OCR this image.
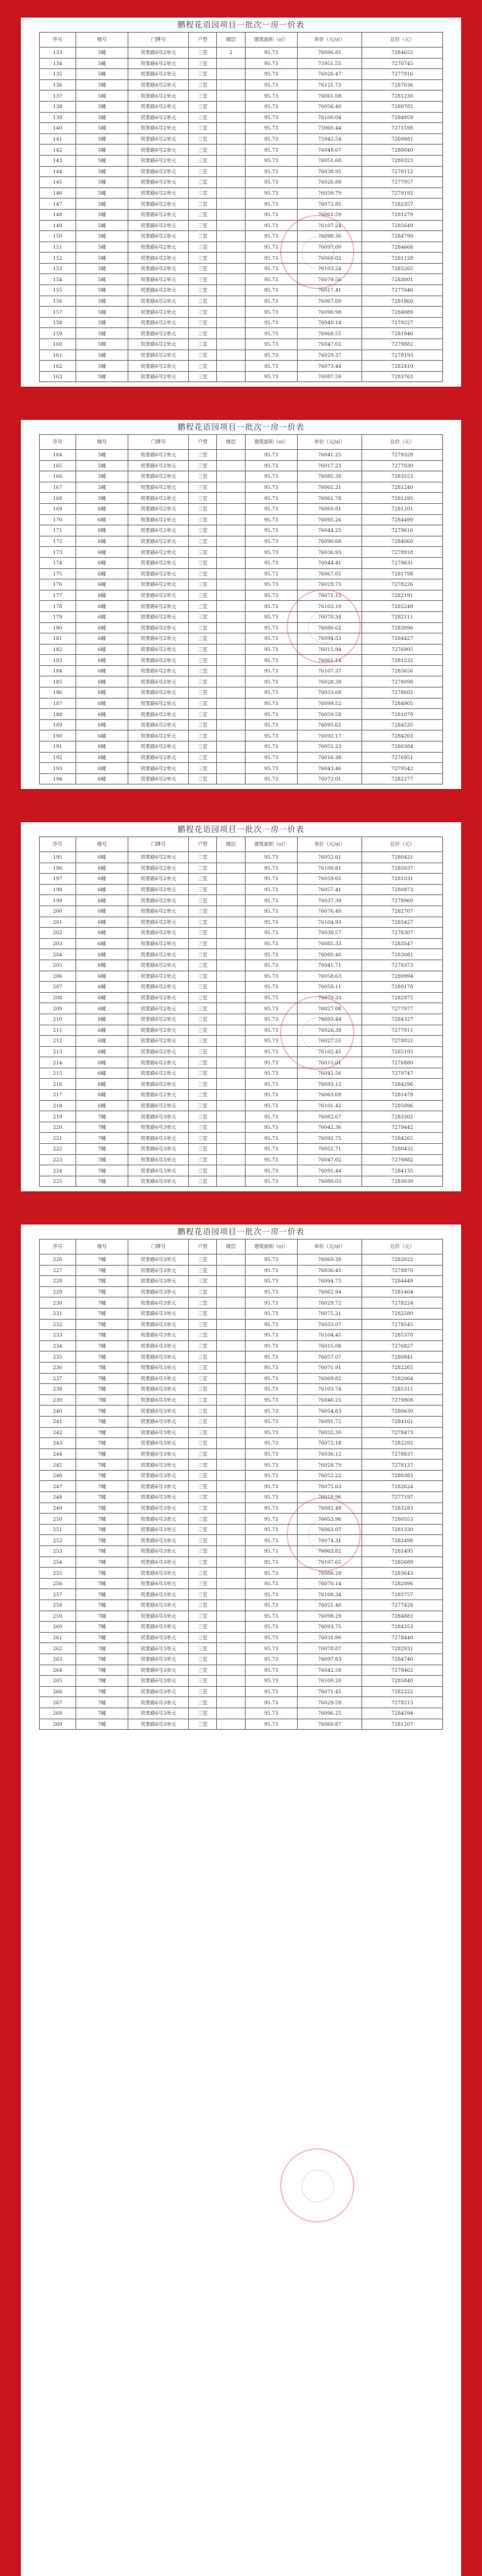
鹏程花语园项目一批次一房一价表
序号	楼号	门牌号	户型	楼层	建筑面积（㎡）	单价（元/㎡）	总价（元）
133	5幢	贸景路6号2单元	三室	2	95.73	76096.85	7284652
134	5幢	贸景路6号2单元	三室		95.73	75951.55	7270745
135	5幢	贸景路6号2单元	三室		95.73	76026.47	7277916
136	5幢	贸景路6号2单元	三室		95.73	76121.73	7287036
137	5幢	贸景路6号2单元	三室		95.73	76061.08	7281230
138	5幢	贸景路6号2单元	三室		95.73	76056.40	7280782
139	5幢	贸景路6号2单元	三室		95.73	76100.04	7284959
140	5幢	贸景路6号2单元	三室		95.73	75960.44	7271598
141	5幢	贸景路6号2单元	三室		95.73	75942.54	7269881
142	5幢	贸景路6号2单元	三室		95.73	76048.67	7280040
143	5幢	贸景路6号2单元	三室		95.73	76051.60	7280323
144	5幢	贸景路6号2单元	三室		95.73	76038.95	7279112
145	5幢	贸景路6号2单元	三室		95.73	76026.89	7277957
146	5幢	贸景路6号2单元	三室		95.73	76039.79	7279192
147	5幢	贸景路6号2单元	三室		95.73	76072.85	7282357
148	5幢	贸景路6号2单元	三室		95.73	76061.59	7281279
149	5幢	贸景路6号2单元	三室		95.73	76107.24	7285649
150	5幢	贸景路6号2单元	三室		95.73	76098.36	7284799
151	5幢	贸景路6号2单元	三室		95.73	76097.00	7284668
152	5幢	贸景路6号2单元	三室		95.73	76060.02	7281128
153	5幢	贸景路6号2单元	三室		95.73	76103.24	7285265
154	5幢	贸景路6号2单元	三室		95.73	76079.56	7283001
155	5幢	贸景路6号2单元	三室		95.73	76017.41	7277046
156	5幢	贸景路6号2单元	三室		95.73	76067.69	7281860
157	5幢	贸景路6号2单元	三室		95.73	76090.98	7284089
158	5幢	贸景路6号2单元	三室		95.73	76040.14	7279227
159	5幢	贸景路6号2单元	三室		95.73	76068.55	7281946
160	5幢	贸景路6号2单元	三室		95.73	76047.02	7279882
161	5幢	贸景路6号2单元	三室		95.73	76029.37	7278193
162	5幢	贸景路6号2单元	三室		95.73	76073.44	7282410
163	5幢	贸景路6号2单元	三室		95.73	76087.59	7283763
鹏程花语园项目一批次一房一价表
序号	楼号	门牌号	户型	楼层	建筑面积（㎡）	单价（元/㎡）	总价（元）
164	5幢	贸景路6号2单元	三室		95.73	76041.25	7279329
165	5幢	贸景路6号2单元	三室		95.73	76017.23	7277030
166	5幢	贸景路6号2单元	三室		95.73	76085.38	7283553
167	5幢	贸景路6号2单元	三室		95.73	76061.21	7281240
168	5幢	贸景路6号2单元	三室		95.73	76061.78	7281295
169	6幢	贸景路6号2单元	三室		95.73	76060.81	7281201
170	6幢	贸景路6号2单元	三室		95.73	76095.26	7284499
171	6幢	贸景路6号2单元	三室		95.73	76044.25	7279616
172	6幢	贸景路6号2单元	三室		95.73	76090.68	7284060
173	6幢	贸景路6号2单元	三室		95.73	76036.93	7278918
174	6幢	贸景路6号2单元	三室		95.73	76044.41	7279631
175	6幢	贸景路6号2单元	三室		95.73	76067.05	7281798
176	6幢	贸景路6号2单元	三室		95.73	76029.73	7278226
177	6幢	贸景路6号2单元	三室		95.73	76071.15	7282191
178	6幢	贸景路6号2单元	三室		95.73	76103.10	7285249
179	6幢	贸景路6号2单元	三室		95.73	76070.34	7282111
180	6幢	贸景路6号2单元	三室		95.73	76080.62	7283096
181	6幢	贸景路6号2单元	三室		95.73	76094.53	7284427
182	6幢	贸景路6号2单元	三室		95.73	76015.94	7276905
183	6幢	贸景路6号2单元	三室		95.73	76061.14	7281232
184	6幢	贸景路6号2单元	三室		95.73	76107.37	7285656
185	6幢	贸景路6号2单元	三室		95.73	76028.39	7278098
186	6幢	贸景路6号2单元	三室		95.73	76033.69	7278602
187	6幢	贸景路6号2单元	三室		95.73	76099.52	7284905
188	6幢	贸景路6号2单元	三室		95.73	76059.58	7281079
189	6幢	贸景路6号2单元	三室		95.73	76095.62	7284535
190	6幢	贸景路6号2单元	三室		95.73	76092.17	7284203
191	6幢	贸景路6号2单元	三室		95.73	76052.23	7280384
192	6幢	贸景路6号2单元	三室		95.73	76016.38	7276951
193	6幢	贸景路6号2单元	三室		95.73	76043.46	7279542
194	6幢	贸景路6号2单元	三室		95.73	76072.01	7282277
鹏程花语园项目一批次一房一价表
序号	楼号	门牌号	户型	楼层	建筑面积（㎡）	单价（元/㎡）	总价（元）
195	6幢	贸景路6号2单元	三室		95.73	76052.61	7280421
196	6幢	贸景路6号2单元	三室		95.73	76100.81	7285037
197	6幢	贸景路6号2单元	三室		95.73	76059.05	7281031
198	6幢	贸景路6号2单元	三室		95.73	76057.41	7280873
199	6幢	贸景路6号2单元	三室		95.73	76037.39	7278960
200	6幢	贸景路6号2单元	三室		95.73	76076.49	7282707
201	6幢	贸景路6号2单元	三室		95.73	76104.93	7285427
202	6幢	贸景路6号2单元	三室		95.73	76030.57	7278307
203	6幢	贸景路6号2单元	三室		95.73	76085.33	7283547
204	6幢	贸景路6号2单元	三室		95.73	76080.46	7283081
205	6幢	贸景路6号2单元	三室		95.73	76041.71	7279373
206	6幢	贸景路6号2单元	三室		95.73	76058.63	7280994
207	6幢	贸景路6号2单元	三室		95.73	76050.11	7280178
208	6幢	贸景路6号2单元	三室		95.73	76079.33	7282975
209	6幢	贸景路6号2单元	三室		95.73	76027.08	7277977
210	6幢	贸景路6号2单元	三室		95.73	76093.44	7284327
211	6幢	贸景路6号2单元	三室		95.73	76026.39	7277911
212	6幢	贸景路6号2单元	三室		95.73	76027.55	7278021
213	6幢	贸景路6号2单元	三室		95.73	76102.45	7285193
214	6幢	贸景路6号2单元	三室		95.73	76015.61	7276880
215	6幢	贸景路6号2单元	三室		95.73	76045.56	7279747
216	6幢	贸景路6号2单元	三室		95.73	76093.12	7284296
217	6幢	贸景路6号2单元	三室		95.73	76063.69	7281479
218	6幢	贸景路6号2单元	三室		95.73	76101.42	7285096
219	7幢	贸景路6号3单元	三室		95.73	76082.67	7283302
220	7幢	贸景路6号3单元	三室		95.73	76042.36	7279442
221	7幢	贸景路6号3单元	三室		95.73	76092.75	7284265
222	7幢	贸景路6号3单元	三室		95.73	76052.71	7280432
223	7幢	贸景路6号3单元	三室		95.73	76047.02	7279882
224	7幢	贸景路6号3单元	三室		95.73	76091.44	7284135
225	7幢	贸景路6号3单元	三室		95.73	76080.03	7283039
鹏程花语园项目一批次一房一价表
序号	楼号	门牌号	户型	楼层	建筑面积（㎡）	单价（元/㎡）	总价（元）
226	7幢	贸景路6号3单元	三室		95.73	76069.38	7282022
227	7幢	贸景路6号3单元	三室		95.73	76036.45	7278870
228	7幢	贸景路6号3单元	三室		95.73	76094.73	7284449
229	7幢	贸景路6号3单元	三室		95.73	76062.94	7281404
230	7幢	贸景路6号3单元	三室		95.73	76029.72	7278224
231	7幢	贸景路6号3单元	三室		95.73	76075.21	7282580
232	7幢	贸景路6号3单元	三室		95.73	76033.07	7278545
233	7幢	贸景路6号3单元	三室		95.73	76104.45	7285378
234	7幢	贸景路6号3单元	三室		95.73	76015.08	7276827
235	7幢	贸景路6号3单元	三室		95.73	76057.07	7280841
236	7幢	贸景路6号3单元	三室		95.73	76071.91	7282265
237	7幢	贸景路6号3单元	三室		95.73	76069.82	7282064
238	7幢	贸景路6号3单元	三室		95.73	76103.74	7285311
239	7幢	贸景路6号3单元	三室		95.73	76046.25	7279808
240	7幢	贸景路6号3单元	三室		95.73	76054.83	7280630
241	7幢	贸景路6号3单元	三室		95.73	76091.72	7284161
242	7幢	贸景路6号3单元	三室		95.73	76032.30	7278473
243	7幢	贸景路6号3单元	三室		95.73	76072.18	7282292
244	7幢	贸景路6号3单元	三室		95.73	76036.12	7278837
245	7幢	贸景路6号3单元	三室		95.73	76028.79	7278137
246	7幢	贸景路6号3单元	三室		95.73	76052.22	7280383
247	7幢	贸景路6号3单元	三室		95.73	76075.63	7282624
248	7幢	贸景路6号3单元	三室		95.73	76018.96	7277197
249	7幢	贸景路6号3单元	三室		95.73	76082.48	7283283
250	7幢	贸景路6号3单元	三室		95.73	76053.96	7280553
251	7幢	贸景路6号3单元	三室		95.73	76062.07	7281330
252	7幢	贸景路6号3单元	三室		95.73	76074.31	7282498
253	7幢	贸景路6号3单元	三室		95.73	76063.82	7281495
254	7幢	贸景路6号3单元	三室		95.73	76107.65	7285689
255	7幢	贸景路6号3单元	三室		95.73	76086.29	7283643
256	7幢	贸景路6号3单元	三室		95.73	76070.14	7282096
257	7幢	贸景路6号3单元	三室		95.73	76108.34	7285757
258	7幢	贸景路6号3单元	三室		95.73	76021.40	7277428
259	7幢	贸景路6号3单元	三室		95.73	76099.29	7284883
260	7幢	贸景路6号3单元	三室		95.73	76093.75	7284353
261	7幢	贸景路6号3单元	三室		95.73	76031.96	7278440
262	7幢	贸景路6号3单元	三室		95.73	76078.87	7282931
263	7幢	贸景路6号3单元	三室		95.73	76097.83	7284746
264	7幢	贸景路6号3单元	三室		95.73	76042.58	7279462
265	7幢	贸景路6号3单元	三室		95.73	76109.20	7285840
266	7幢	贸景路6号3单元	三室		95.73	76071.45	7282222
267	7幢	贸景路6号3单元	三室		95.73	76029.59	7278213
268	7幢	贸景路6号3单元	三室		95.73	76096.25	7284594
269	7幢	贸景路6号3单元	三室		95.73	76060.87	7281207
搜狐号@深圳房地产资讯网
